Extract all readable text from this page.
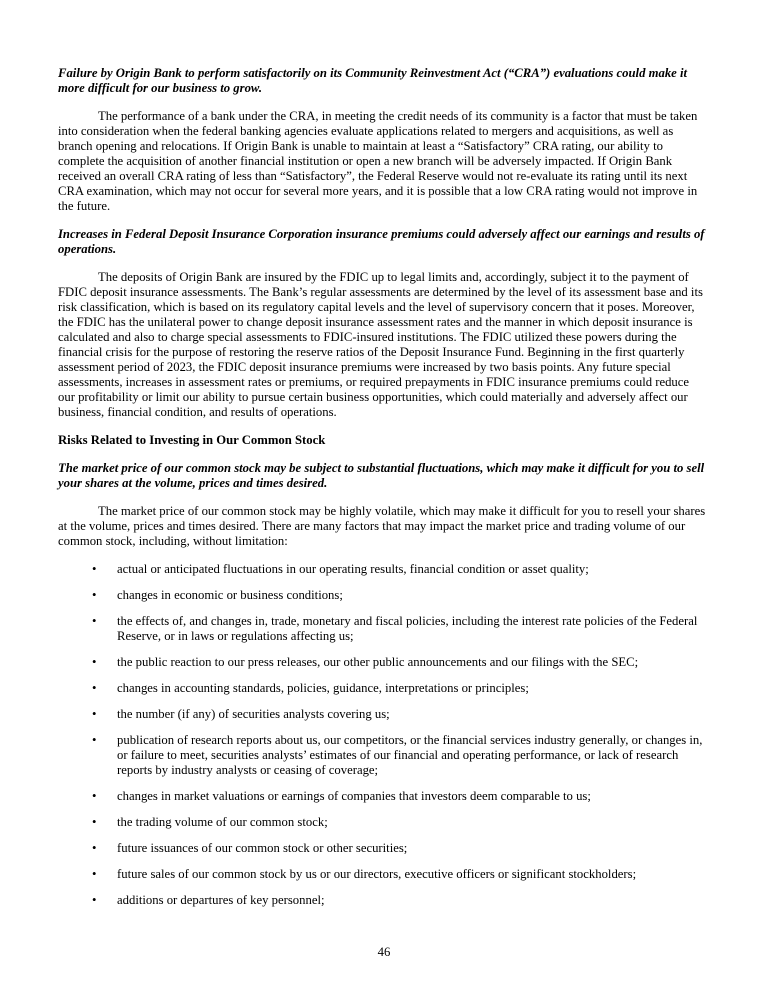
Failure by Origin Bank to perform satisfactorily on its Community Reinvestment Act (“CRA”) evaluations could make it more difficult for our business to grow.
The performance of a bank under the CRA, in meeting the credit needs of its community is a factor that must be taken into consideration when the federal banking agencies evaluate applications related to mergers and acquisitions, as well as branch opening and relocations. If Origin Bank is unable to maintain at least a “Satisfactory” CRA rating, our ability to complete the acquisition of another financial institution or open a new branch will be adversely impacted. If Origin Bank received an overall CRA rating of less than “Satisfactory”, the Federal Reserve would not re-evaluate its rating until its next CRA examination, which may not occur for several more years, and it is possible that a low CRA rating would not improve in the future.
Increases in Federal Deposit Insurance Corporation insurance premiums could adversely affect our earnings and results of operations.
The deposits of Origin Bank are insured by the FDIC up to legal limits and, accordingly, subject it to the payment of FDIC deposit insurance assessments. The Bank’s regular assessments are determined by the level of its assessment base and its risk classification, which is based on its regulatory capital levels and the level of supervisory concern that it poses. Moreover, the FDIC has the unilateral power to change deposit insurance assessment rates and the manner in which deposit insurance is calculated and also to charge special assessments to FDIC-insured institutions. The FDIC utilized these powers during the financial crisis for the purpose of restoring the reserve ratios of the Deposit Insurance Fund. Beginning in the first quarterly assessment period of 2023, the FDIC deposit insurance premiums were increased by two basis points. Any future special assessments, increases in assessment rates or premiums, or required prepayments in FDIC insurance premiums could reduce our profitability or limit our ability to pursue certain business opportunities, which could materially and adversely affect our business, financial condition, and results of operations.
Risks Related to Investing in Our Common Stock
The market price of our common stock may be subject to substantial fluctuations, which may make it difficult for you to sell your shares at the volume, prices and times desired.
The market price of our common stock may be highly volatile, which may make it difficult for you to resell your shares at the volume, prices and times desired. There are many factors that may impact the market price and trading volume of our common stock, including, without limitation:
•	actual or anticipated fluctuations in our operating results, financial condition or asset quality;
•	changes in economic or business conditions;
•	the effects of, and changes in, trade, monetary and fiscal policies, including the interest rate policies of the Federal Reserve, or in laws or regulations affecting us;
•	the public reaction to our press releases, our other public announcements and our filings with the SEC;
•	changes in accounting standards, policies, guidance, interpretations or principles;
•	the number (if any) of securities analysts covering us;
•	publication of research reports about us, our competitors, or the financial services industry generally, or changes in, or failure to meet, securities analysts’ estimates of our financial and operating performance, or lack of research reports by industry analysts or ceasing of coverage;
•	changes in market valuations or earnings of companies that investors deem comparable to us;
•	the trading volume of our common stock;
•	future issuances of our common stock or other securities;
•	future sales of our common stock by us or our directors, executive officers or significant stockholders;
•	additions or departures of key personnel;
46
